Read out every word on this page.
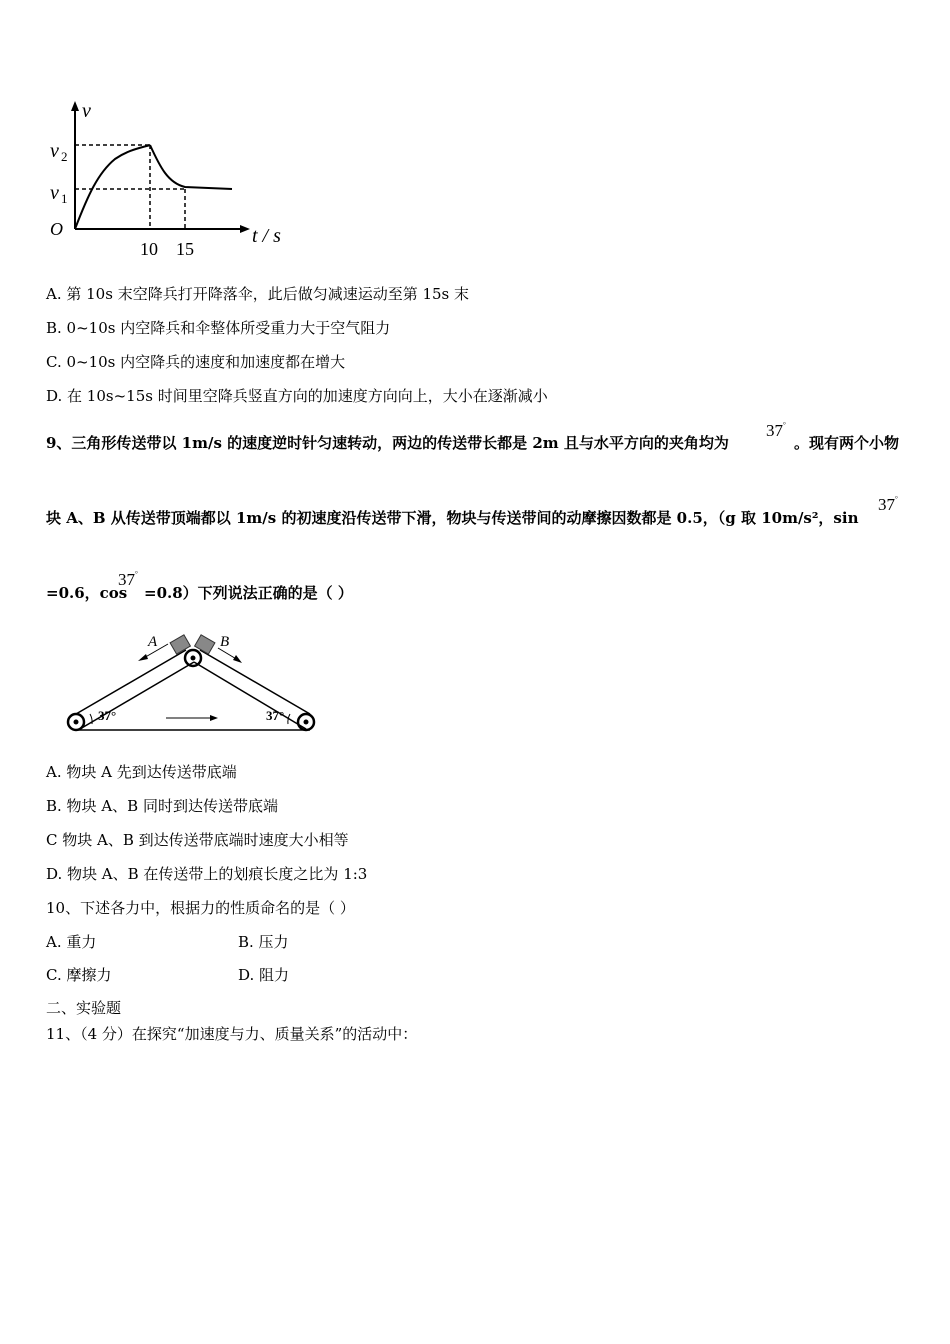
v
v 2
v 1
O
10 15
t / s
A. 第 10s 末空降兵打开降落伞，此后做匀减速运动至第 15s 末
B. 0~10s 内空降兵和伞整体所受重力大于空气阻力
C. 0~10s 内空降兵的速度和加速度都在增大
D. 在 10s~15s 时间里空降兵竖直方向的加速度方向向上，大小在逐渐减小
9、三角形传送带以 1m/s 的速度逆时针匀速转动，两边的传送带长都是 2m 且与水平方向的夹角均为
37°
。现有两个小物
块 A、B 从传送带顶端都以 1m/s 的初速度沿传送带下滑，物块与传送带间的动摩擦因数都是 0.5，（g 取 10m/s²，sin
37°
=0.6，cos
37°
=0.8）下列说法正确的是（ ）
A	B
37°	37°
A. 物块 A 先到达传送带底端
B. 物块 A、B 同时到达传送带底端
C 物块 A、B 到达传送带底端时速度大小相等
D. 物块 A、B 在传送带上的划痕长度之比为 1:3
10、下述各力中，根据力的性质命名的是（ ）
A. 重力	B. 压力
C. 摩擦力	D. 阻力
二、实验题
11、（4 分）在探究“加速度与力、质量关系”的活动中：
